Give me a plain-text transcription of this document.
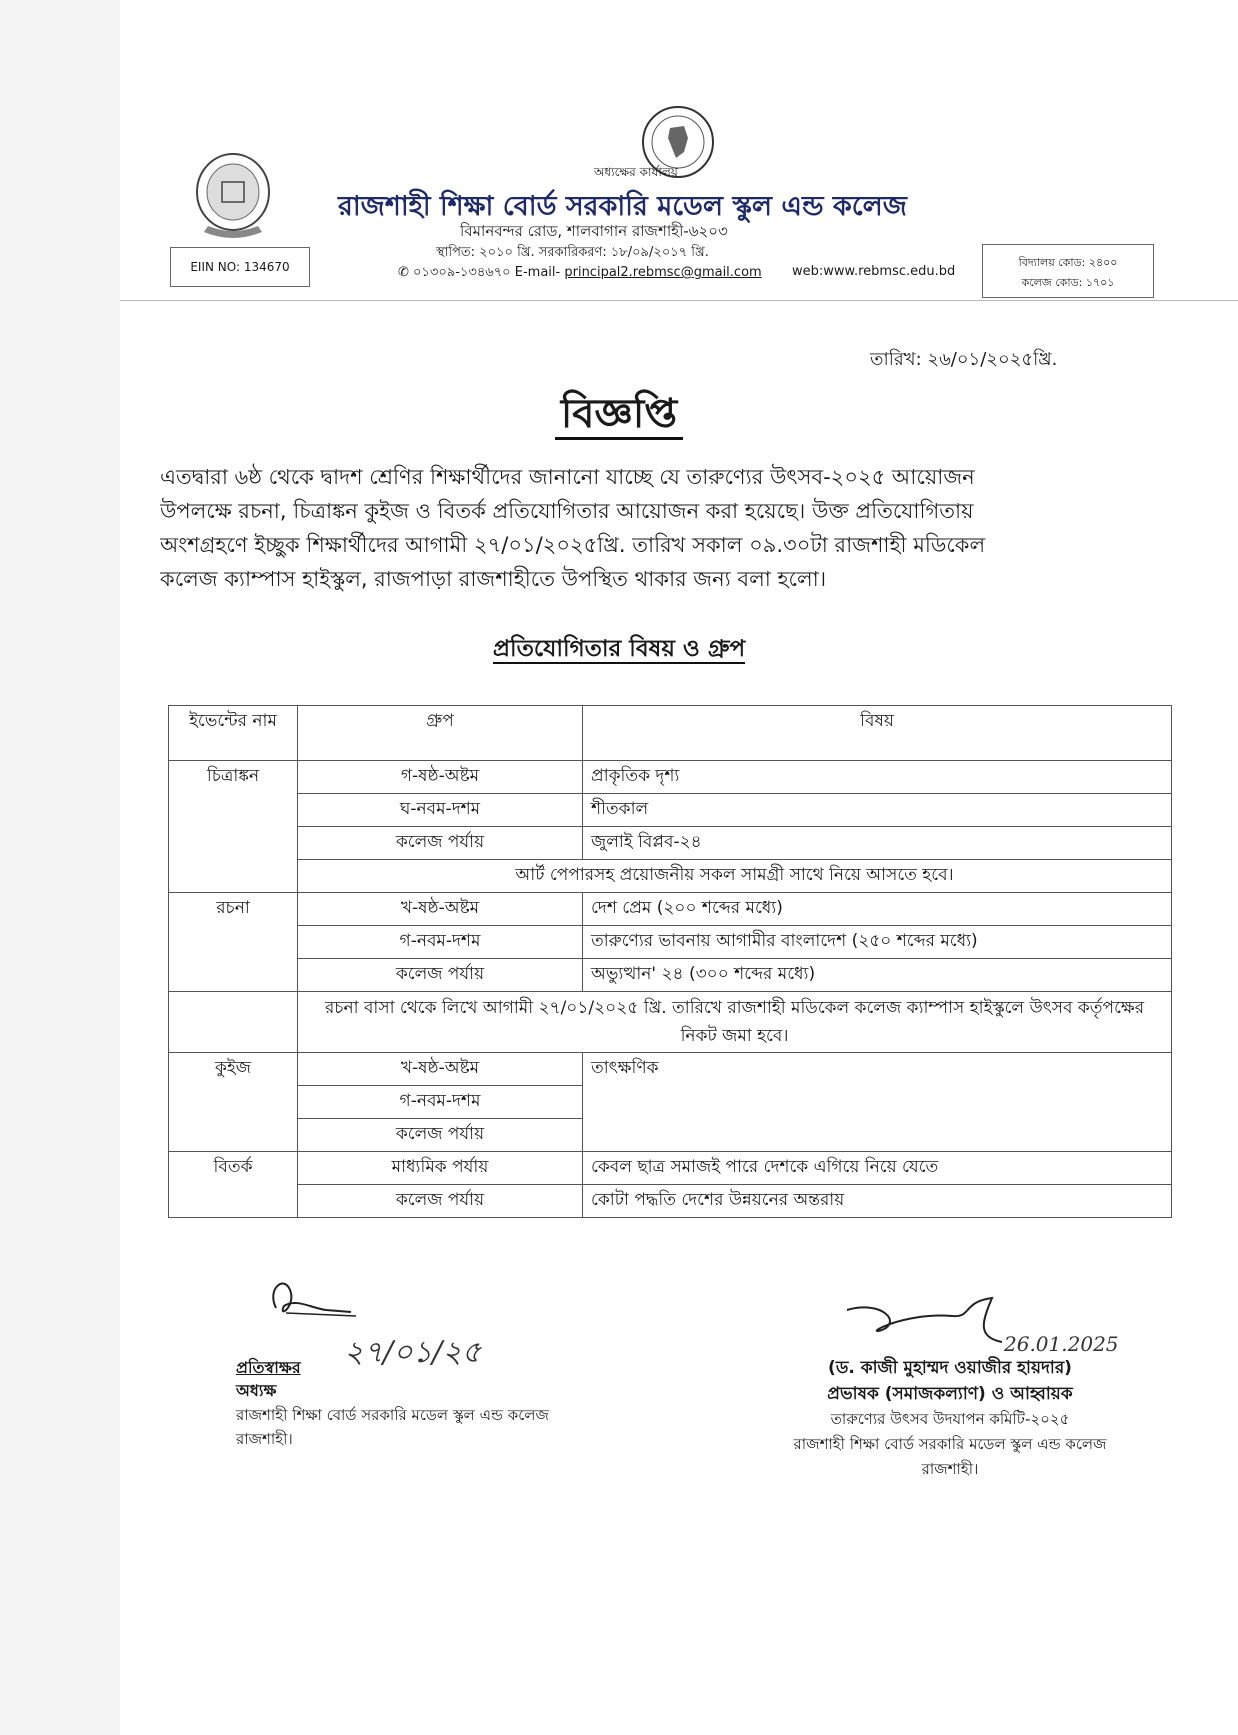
অধ্যক্ষের কার্যালয়
রাজশাহী শিক্ষা বোর্ড সরকারি মডেল স্কুল এন্ড কলেজ
বিমানবন্দর রোড, শালবাগান রাজশাহী-৬২০৩
স্থাপিত: ২০১০ খ্রি. সরকারিকরণ: ১৮/০৯/২০১৭ খ্রি.
✆ ০১৩০৯-১৩৪৬৭০ E-mail- principal2.rebmsc@gmail.com web:www.rebmsc.edu.bd
EIIN NO: 134670	বিদ্যালয় কোড: ২৪০০
কলেজ কোড: ১৭০১
তারিখ: ২৬/০১/২০২৫খ্রি.
বিজ্ঞপ্তি
এতদ্বারা ৬ষ্ঠ থেকে দ্বাদশ শ্রেণির শিক্ষার্থীদের জানানো যাচ্ছে যে তারুণ্যের উৎসব-২০২৫ আয়োজন
উপলক্ষে রচনা, চিত্রাঙ্কন কুইজ ও বিতর্ক প্রতিযোগিতার আয়োজন করা হয়েছে। উক্ত প্রতিযোগিতায়
অংশগ্রহণে ইচ্ছুক শিক্ষার্থীদের আগামী ২৭/০১/২০২৫খ্রি. তারিখ সকাল ০৯.৩০টা রাজশাহী মডিকেল
কলেজ ক্যাম্পাস হাইস্কুল, রাজপাড়া রাজশাহীতে উপস্থিত থাকার জন্য বলা হলো।
প্রতিযোগিতার বিষয় ও গ্রুপ
ইভেন্টের নাম	গ্রুপ	বিষয়
চিত্রাঙ্কন	গ-ষষ্ঠ-অষ্টম	প্রাকৃতিক দৃশ্য
	ঘ-নবম-দশম	শীতকাল
	কলেজ পর্যায়	জুলাই বিপ্লব-২৪
	আর্ট পেপারসহ প্রয়োজনীয় সকল সামগ্রী সাথে নিয়ে আসতে হবে।	
রচনা	খ-ষষ্ঠ-অষ্টম	দেশ প্রেম (২০০ শব্দের মধ্যে)
	গ-নবম-দশম	তারুণ্যের ভাবনায় আগামীর বাংলাদেশ (২৫০ শব্দের মধ্যে)
	কলেজ পর্যায়	অভ্যুত্থান' ২৪ (৩০০ শব্দের মধ্যে)
	রচনা বাসা থেকে লিখে আগামী ২৭/০১/২০২৫ খ্রি. তারিখে রাজশাহী মডিকেল কলেজ ক্যাম্পাস হাইস্কুলে উৎসব কর্তৃপক্ষের নিকট জমা হবে।	
কুইজ	খ-ষষ্ঠ-অষ্টম	তাৎক্ষণিক
	গ-নবম-দশম	
	কলেজ পর্যায়	
বিতর্ক	মাধ্যমিক পর্যায়	কেবল ছাত্র সমাজই পারে দেশকে এগিয়ে নিয়ে যেতে
	কলেজ পর্যায়	কোটা পদ্ধতি দেশের উন্নয়নের অন্তরায়
২৭/০১/২৫
প্রতিস্বাক্ষর
অধ্যক্ষ
রাজশাহী শিক্ষা বোর্ড সরকারি মডেল স্কুল এন্ড কলেজ
রাজশাহী।
26.01.2025
(ড. কাজী মুহাম্মদ ওয়াজীর হায়দার)
প্রভাষক (সমাজকল্যাণ) ও আহ্বায়ক
তারুণ্যের উৎসব উদযাপন কমিটি-২০২৫
রাজশাহী শিক্ষা বোর্ড সরকারি মডেল স্কুল এন্ড কলেজ
রাজশাহী।
